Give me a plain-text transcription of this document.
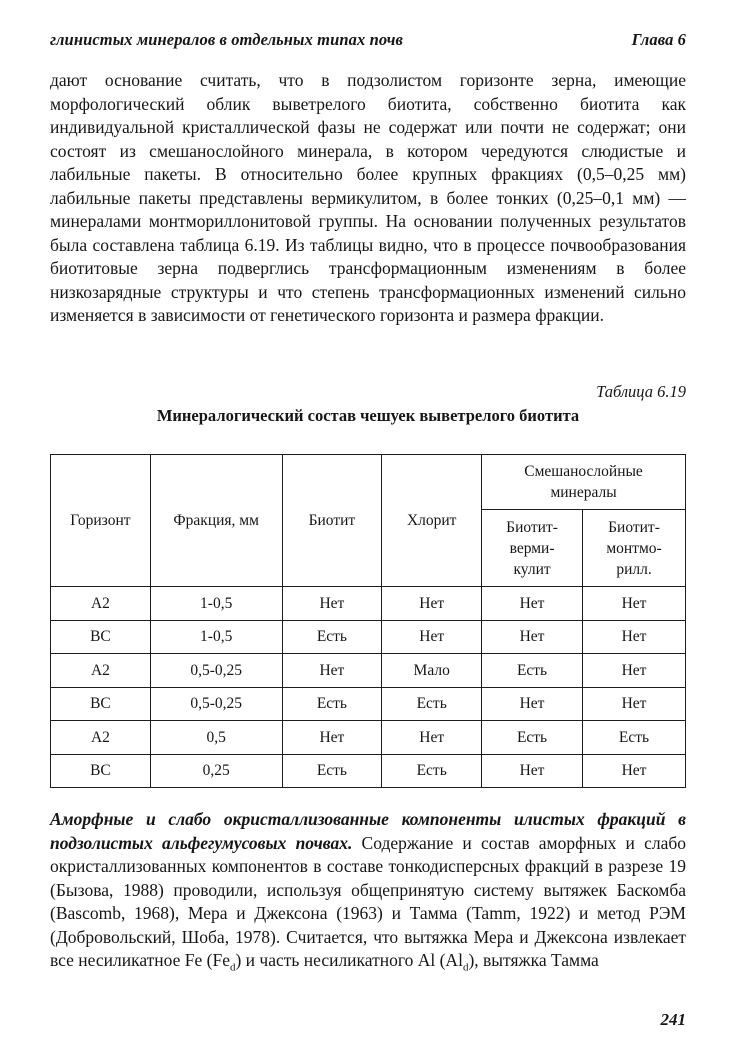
глинистых минералов в отдельных типах почв	Глава 6
дают основание считать, что в подзолистом горизонте зерна, имеющие морфологический облик выветрелого биотита, собственно биотита как индивидуальной кристаллической фазы не содержат или почти не содержат; они состоят из смешанослойного минерала, в котором чередуются слюдистые и лабильные пакеты. В относительно более крупных фракциях (0,5–0,25 мм) лабильные пакеты представлены вермикулитом, в более тонких (0,25–0,1 мм) — минералами монтмориллонитовой группы. На основании полученных результатов была составлена таблица 6.19. Из таблицы видно, что в процессе почвообразования биотитовые зерна подверглись трансформационным изменениям в более низкозарядные структуры и что степень трансформационных изменений сильно изменяется в зависимости от генетического горизонта и размера фракции.
Таблица 6.19
Минералогический состав чешуек выветрелого биотита
Горизонт	Фракция, мм	Биотит	Хлорит	Смешанослойные минералы	
				Биотит-верми-кулит	Биотит-монтмо-рилл.
А2	1-0,5	Нет	Нет	Нет	Нет
ВС	1-0,5	Есть	Нет	Нет	Нет
А2	0,5-0,25	Нет	Мало	Есть	Нет
ВС	0,5-0,25	Есть	Есть	Нет	Нет
А2	0,5	Нет	Нет	Есть	Есть
ВС	0,25	Есть	Есть	Нет	Нет
Аморфные и слабо окристаллизованные компоненты илистых фракций в подзолистых альфегумусовых почвах. Содержание и состав аморфных и слабо окристаллизованных компонентов в составе тонкодисперсных фракций в разрезе 19 (Бызова, 1988) проводили, используя общепринятую систему вытяжек Баскомба (Bascomb, 1968), Мера и Джексона (1963) и Тамма (Tamm, 1922) и метод РЭМ (Добровольский, Шоба, 1978). Считается, что вытяжка Мера и Джексона извлекает все несиликатное Fe $(Fe_d)$ и часть несиликатного Al $(Al_d)$, вытяжка Тамма
241
